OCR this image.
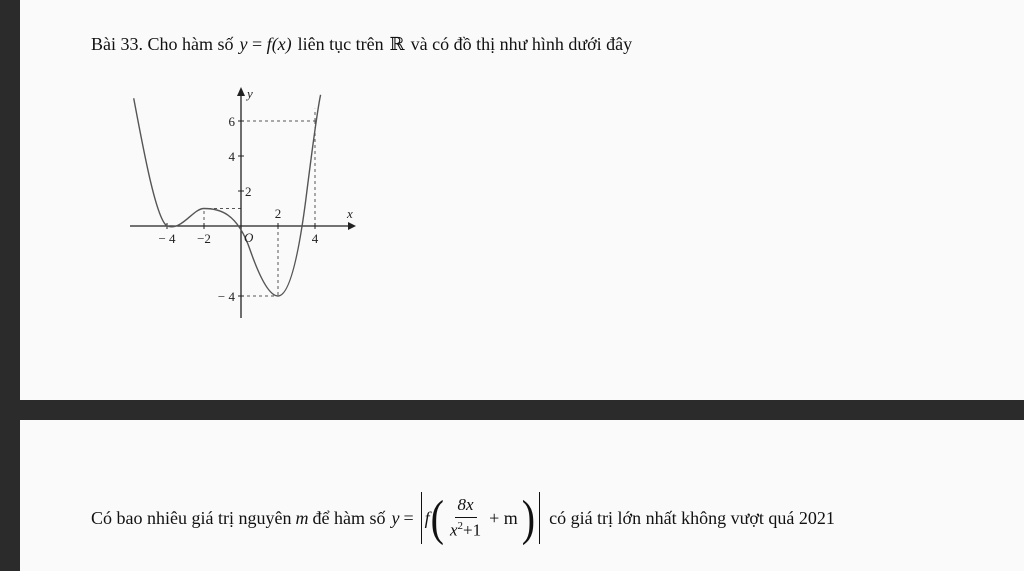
Bài 33.
Cho hàm số y = f(x) liên tục trên ℝ và có đồ thị như hình dưới đây
− 4 −2
2
4
6
4
2
− 4
O
x
y
Có bao nhiêu giá trị nguyên m để hàm số y = f ( $\frac{8x}{x^2+1} + m$ ) có giá trị lớn nhất không vượt quá 2021
